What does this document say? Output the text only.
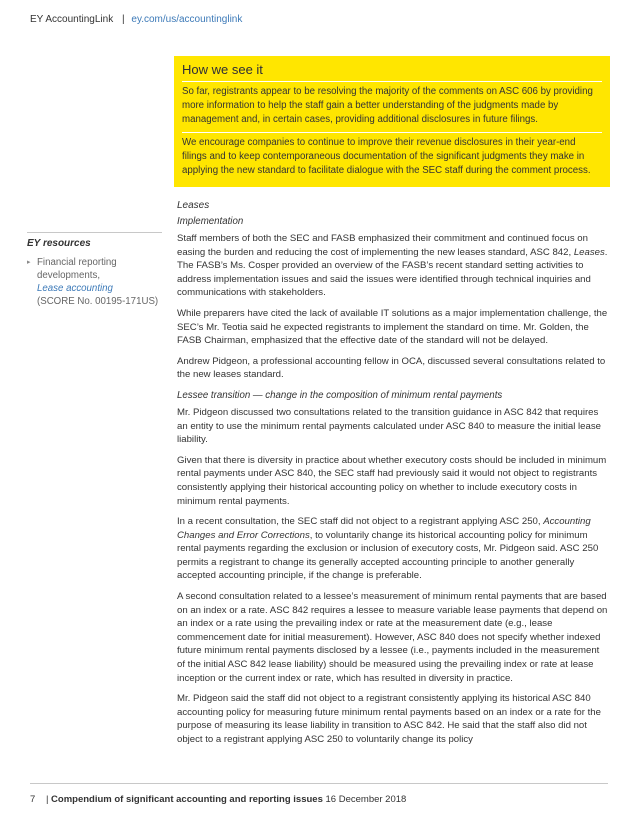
EY AccountingLink | ey.com/us/accountinglink
How we see it

So far, registrants appear to be resolving the majority of the comments on ASC 606 by providing more information to help the staff gain a better understanding of the judgments made by management and, in certain cases, providing additional disclosures in future filings.

We encourage companies to continue to improve their revenue disclosures in their year-end filings and to keep contemporaneous documentation of the significant judgments they make in applying the new standard to facilitate dialogue with the SEC staff during the comment process.

EY resources
▸ Financial reporting developments,
Lease accounting
(SCORE No. 00195-171US)
Leases
Implementation

Staff members of both the SEC and FASB emphasized their commitment and continued focus on easing the burden and reducing the cost of implementing the new leases standard, ASC 842, Leases. The FASB’s Ms. Cosper provided an overview of the FASB’s recent standard setting activities to address implementation issues and said the issues were identified through technical inquiries and communications with stakeholders.

While preparers have cited the lack of available IT solutions as a major implementation challenge, the SEC’s Mr. Teotia said he expected registrants to implement the standard on time. Mr. Golden, the FASB Chairman, emphasized that the effective date of the standard will not be delayed.

Andrew Pidgeon, a professional accounting fellow in OCA, discussed several consultations related to the new leases standard.

Lessee transition — change in the composition of minimum rental payments

Mr. Pidgeon discussed two consultations related to the transition guidance in ASC 842 that requires an entity to use the minimum rental payments calculated under ASC 840 to measure the initial lease liability.

Given that there is diversity in practice about whether executory costs should be included in minimum rental payments under ASC 840, the SEC staff had previously said it would not object to registrants consistently applying their historical accounting policy on whether to include executory costs in minimum rental payments.

In a recent consultation, the SEC staff did not object to a registrant applying ASC 250, Accounting Changes and Error Corrections, to voluntarily change its historical accounting policy for minimum rental payments regarding the exclusion or inclusion of executory costs, Mr. Pidgeon said. ASC 250 permits a registrant to change its generally accepted accounting principle to another generally accepted accounting principle, if the change is preferable.

A second consultation related to a lessee’s measurement of minimum rental payments that are based on an index or a rate. ASC 842 requires a lessee to measure variable lease payments that depend on an index or a rate using the prevailing index or rate at the measurement date (e.g., lease commencement date for initial measurement). However, ASC 840 does not specify whether indexed future minimum rental payments disclosed by a lessee (i.e., payments included in the measurement of the initial ASC 842 lease liability) should be measured using the prevailing index or rate at lease inception or the current index or rate, which has resulted in diversity in practice.

Mr. Pidgeon said the staff did not object to a registrant consistently applying its historical ASC 840 accounting policy for measuring future minimum rental payments based on an index or a rate for the purpose of measuring its lease liability in transition to ASC 842. He said that the staff also did not object to a registrant applying ASC 250 to voluntarily change its policy

7 | Compendium of significant accounting and reporting issues 16 December 2018
